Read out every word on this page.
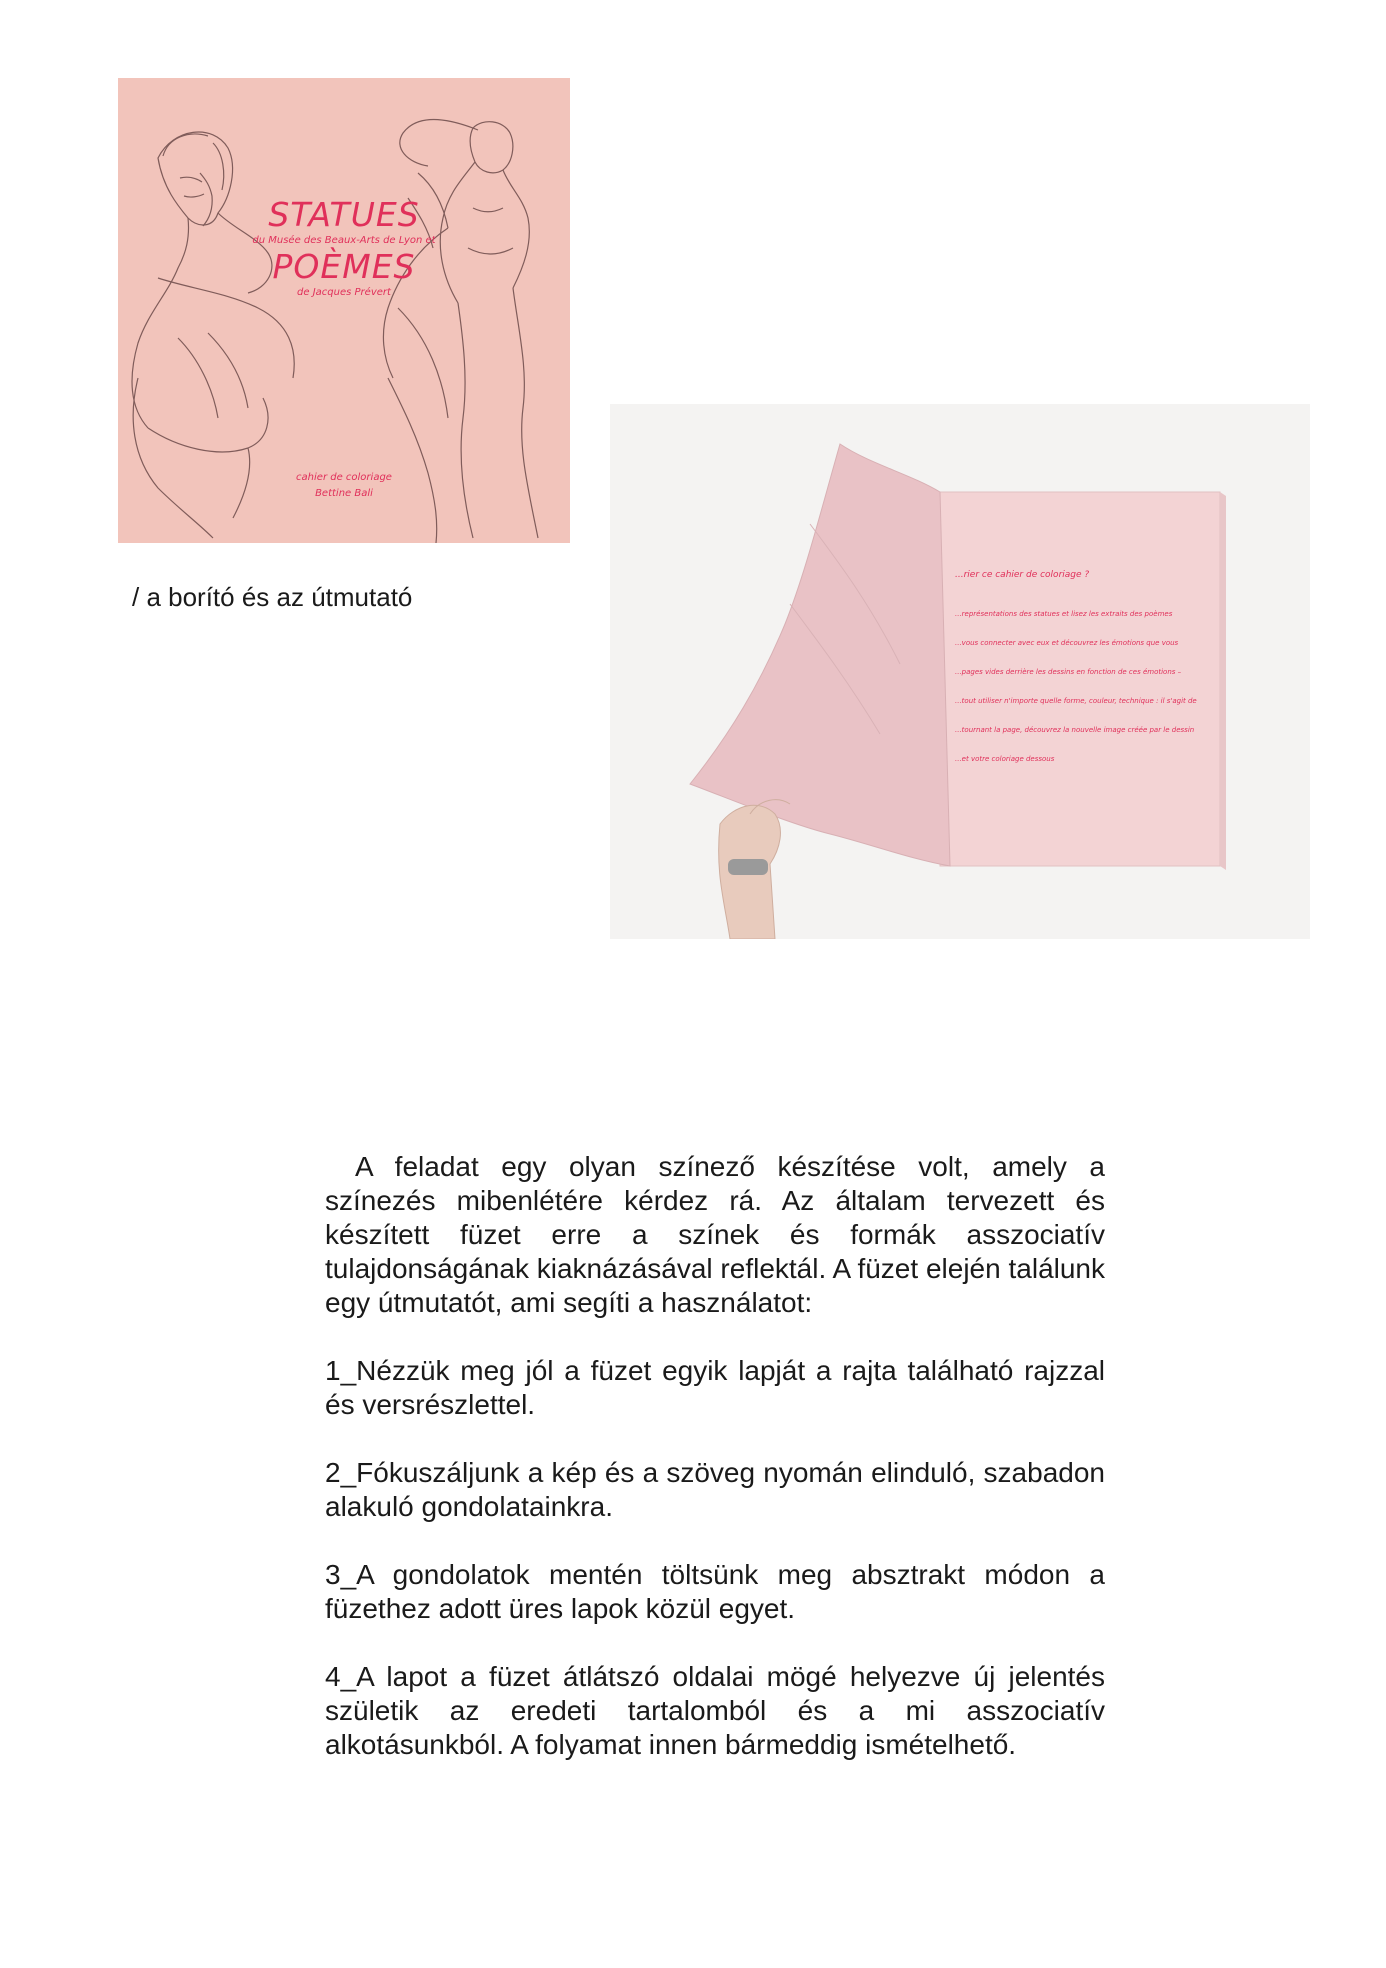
STATUES
du Musée des Beaux-Arts de Lyon et
POÈMES
de Jacques Prévert
cahier de coloriage
Bettine Bali
/ a borító és az útmutató
...rier ce cahier de coloriage ?
...représentations des statues et lisez les extraits des poèmes
...vous connecter avec eux et découvrez les émotions que vous
...pages vides derrière les dessins en fonction de ces émotions –
...tout utiliser n'importe quelle forme, couleur, technique : il s'agit de
...tournant la page, découvrez la nouvelle image créée par le dessin
...et votre coloriage dessous

A feladat egy olyan színező készítése volt, amely a színezés mibenlétére kérdez rá. Az általam tervezett és készített füzet erre a színek és formák asszociatív tulajdonságának kiaknázásával reflektál. A füzet elején találunk egy útmutatót, ami segíti a használatot:

1_Nézzük meg jól a füzet egyik lapját a rajta található rajzzal és versrészlettel.

2_Fókuszáljunk a kép és a szöveg nyomán elinduló, szabadon alakuló gondolatainkra.

3_A gondolatok mentén töltsünk meg absztrakt módon a füzethez adott üres lapok közül egyet.

4_A lapot a füzet átlátszó oldalai mögé helyezve új jelentés születik az eredeti tartalomból és a mi asszociatív alkotásunkból. A folyamat innen bármeddig ismételhető.
